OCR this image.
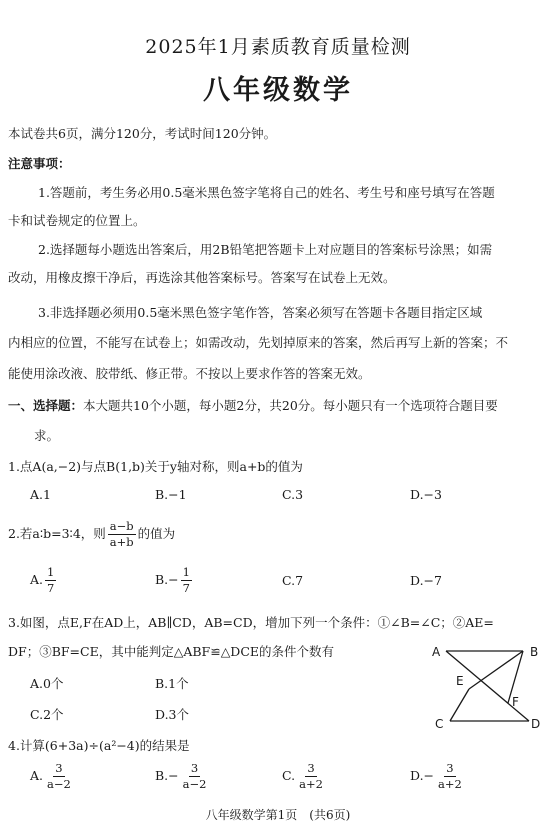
2025年1月素质教育质量检测
八年级数学
本试卷共6页，满分120分，考试时间120分钟。
注意事项：
1.答题前，考生务必用0.5毫米黑色签字笔将自己的姓名、考生号和座号填写在答题
卡和试卷规定的位置上。
2.选择题每小题选出答案后，用2B铅笔把答题卡上对应题目的答案标号涂黑；如需
改动，用橡皮擦干净后，再选涂其他答案标号。答案写在试卷上无效。
3.非选择题必须用0.5毫米黑色签字笔作答，答案必须写在答题卡各题目指定区域
内相应的位置，不能写在试卷上；如需改动，先划掉原来的答案，然后再写上新的答案；不
能使用涂改液、胶带纸、修正带。不按以上要求作答的答案无效。
一、选择题：本大题共10个小题，每小题2分，共20分。每小题只有一个选项符合题目要
求。
1.点A(a,−2)与点B(1,b)关于y轴对称，则a+b的值为
A.1	B.−1	C.3	D.−3
2.若a∶b=3∶4，则 $\frac{a-b}{a+b}$ 的值为
A. $\frac{1}{7}$	$B.- \frac{1}{7}$	C.7	D.−7
3.如图，点E,F在AD上，AB∥CD，AB=CD，增加下列一个条件：①∠B=∠C；②AE=
DF；③BF=CE，其中能判定△ABF≌△DCE的条件个数有
A.0个	B.1个
C.2个	D.3个
A	B
C	D
E
F
4.计算(6+3a)÷(a²−4)的结果是
A. $\frac{3}{a-2}$	$B.- \frac{3}{a-2}$	C. $\frac{3}{a+2}$	$D.- \frac{3}{a+2}$
八年级数学第1页　(共6页)
